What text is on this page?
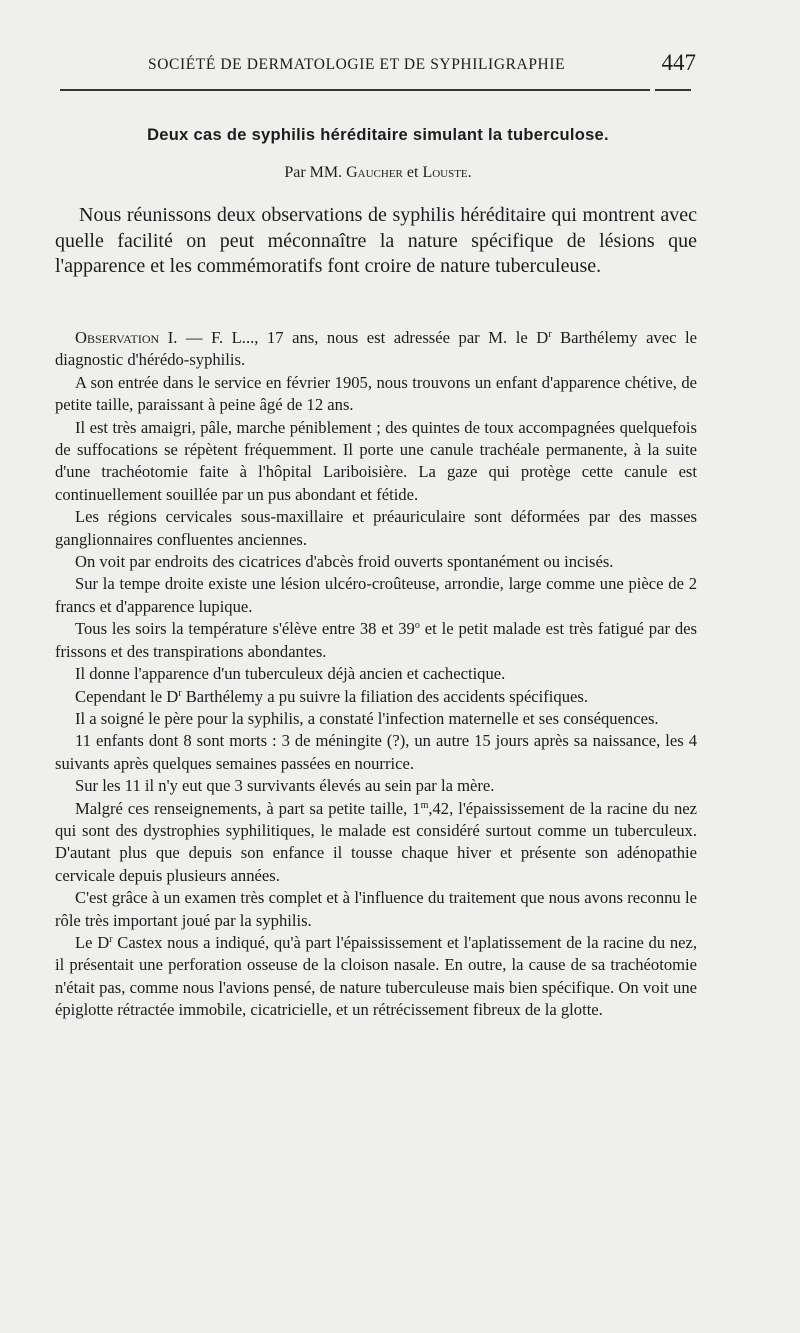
SOCIÉTÉ DE DERMATOLOGIE ET DE SYPHILIGRAPHIE	447
Deux cas de syphilis héréditaire simulant la tuberculose.
Par MM. Gaucher et Louste.

Nous réunissons deux observations de syphilis héréditaire qui montrent avec quelle facilité on peut méconnaître la nature spécifique de lésions que l'apparence et les commémoratifs font croire de nature tuberculeuse.

Observation I. — F. L..., 17 ans, nous est adressée par M. le $D^r$ Barthélemy avec le diagnostic d'hérédo-syphilis.

A son entrée dans le service en février 1905, nous trouvons un enfant d'apparence chétive, de petite taille, paraissant à peine âgé de 12 ans.

Il est très amaigri, pâle, marche péniblement ; des quintes de toux accompagnées quelquefois de suffocations se répètent fréquemment. Il porte une canule trachéale permanente, à la suite d'une trachéotomie faite à l'hôpital Lariboisière. La gaze qui protège cette canule est continuellement souillée par un pus abondant et fétide.

Les régions cervicales sous-maxillaire et préauriculaire sont déformées par des masses ganglionnaires confluentes anciennes.

On voit par endroits des cicatrices d'abcès froid ouverts spontanément ou incisés.

Sur la tempe droite existe une lésion ulcéro-croûteuse, arrondie, large comme une pièce de 2 francs et d'apparence lupique.

Tous les soirs la température s'élève entre 38 et 39$^o$ et le petit malade est très fatigué par des frissons et des transpirations abondantes.

Il donne l'apparence d'un tuberculeux déjà ancien et cachectique.

Cependant le $D^r$ Barthélemy a pu suivre la filiation des accidents spécifiques.

Il a soigné le père pour la syphilis, a constaté l'infection maternelle et ses conséquences.

11 enfants dont 8 sont morts : 3 de méningite (?), un autre 15 jours après sa naissance, les 4 suivants après quelques semaines passées en nourrice.

Sur les 11 il n'y eut que 3 survivants élevés au sein par la mère.

Malgré ces renseignements, à part sa petite taille, 1$^m$,42, l'épaississement de la racine du nez qui sont des dystrophies syphilitiques, le malade est considéré surtout comme un tuberculeux. D'autant plus que depuis son enfance il tousse chaque hiver et présente son adénopathie cervicale depuis plusieurs années.

C'est grâce à un examen très complet et à l'influence du traitement que nous avons reconnu le rôle très important joué par la syphilis.

Le $D^r$ Castex nous a indiqué, qu'à part l'épaississement et l'aplatissement de la racine du nez, il présentait une perforation osseuse de la cloison nasale. En outre, la cause de sa trachéotomie n'était pas, comme nous l'avions pensé, de nature tuberculeuse mais bien spécifique. On voit une épiglotte rétractée immobile, cicatricielle, et un rétrécissement fibreux de la glotte.
